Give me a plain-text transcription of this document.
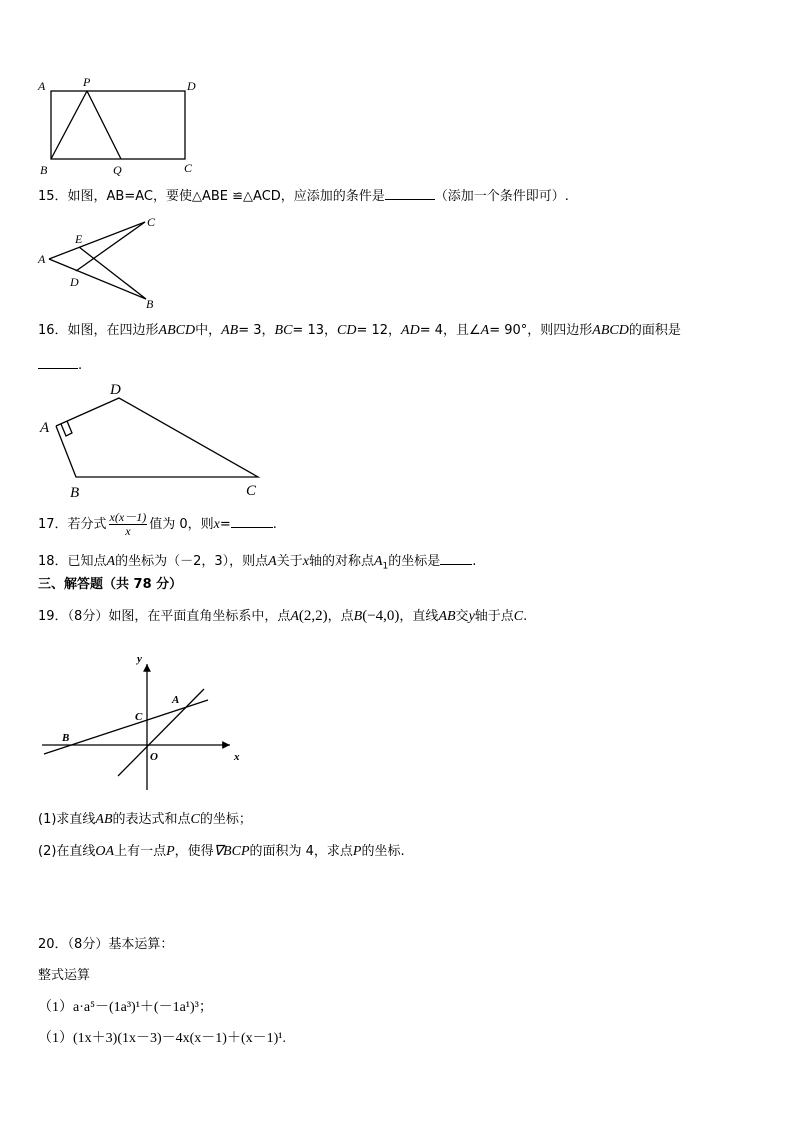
A	P	D
B	Q	C
15．如图，AB=AC，要使△ABE ≌△ACD，应添加的条件是	（添加一个条件即可）.
C
E
A
D
B
16．如图，在四边形ABCD中，AB= 3，BC= 13，CD= 12，AD= 4，且∠A= 90°，则四边形ABCD的面积是
.
D
A
B	C
17．若分式 $\frac{x(x-1)}{x}$ 值为 0，则x=	.
18．已知点A的坐标为（－2，3），则点A关于x轴的对称点$A_1$的坐标是 .
三、解答题（共 78 分）
19．（8分）如图，在平面直角坐标系中，点A(2,2)，点B(−4,0)，直线AB交y轴于点C.
y
A
C
B
O	x
(1)求直线AB的表达式和点C的坐标；
(2)在直线OA上有一点P，使得∇BCP的面积为 4，求点P的坐标.
20．（8分）基本运算：
整式运算
（1）a·a⁵－(1a³)¹＋(－1a¹)³；
（1）(1x＋3)(1x－3)－4x(x－1)＋(x－1)¹.
